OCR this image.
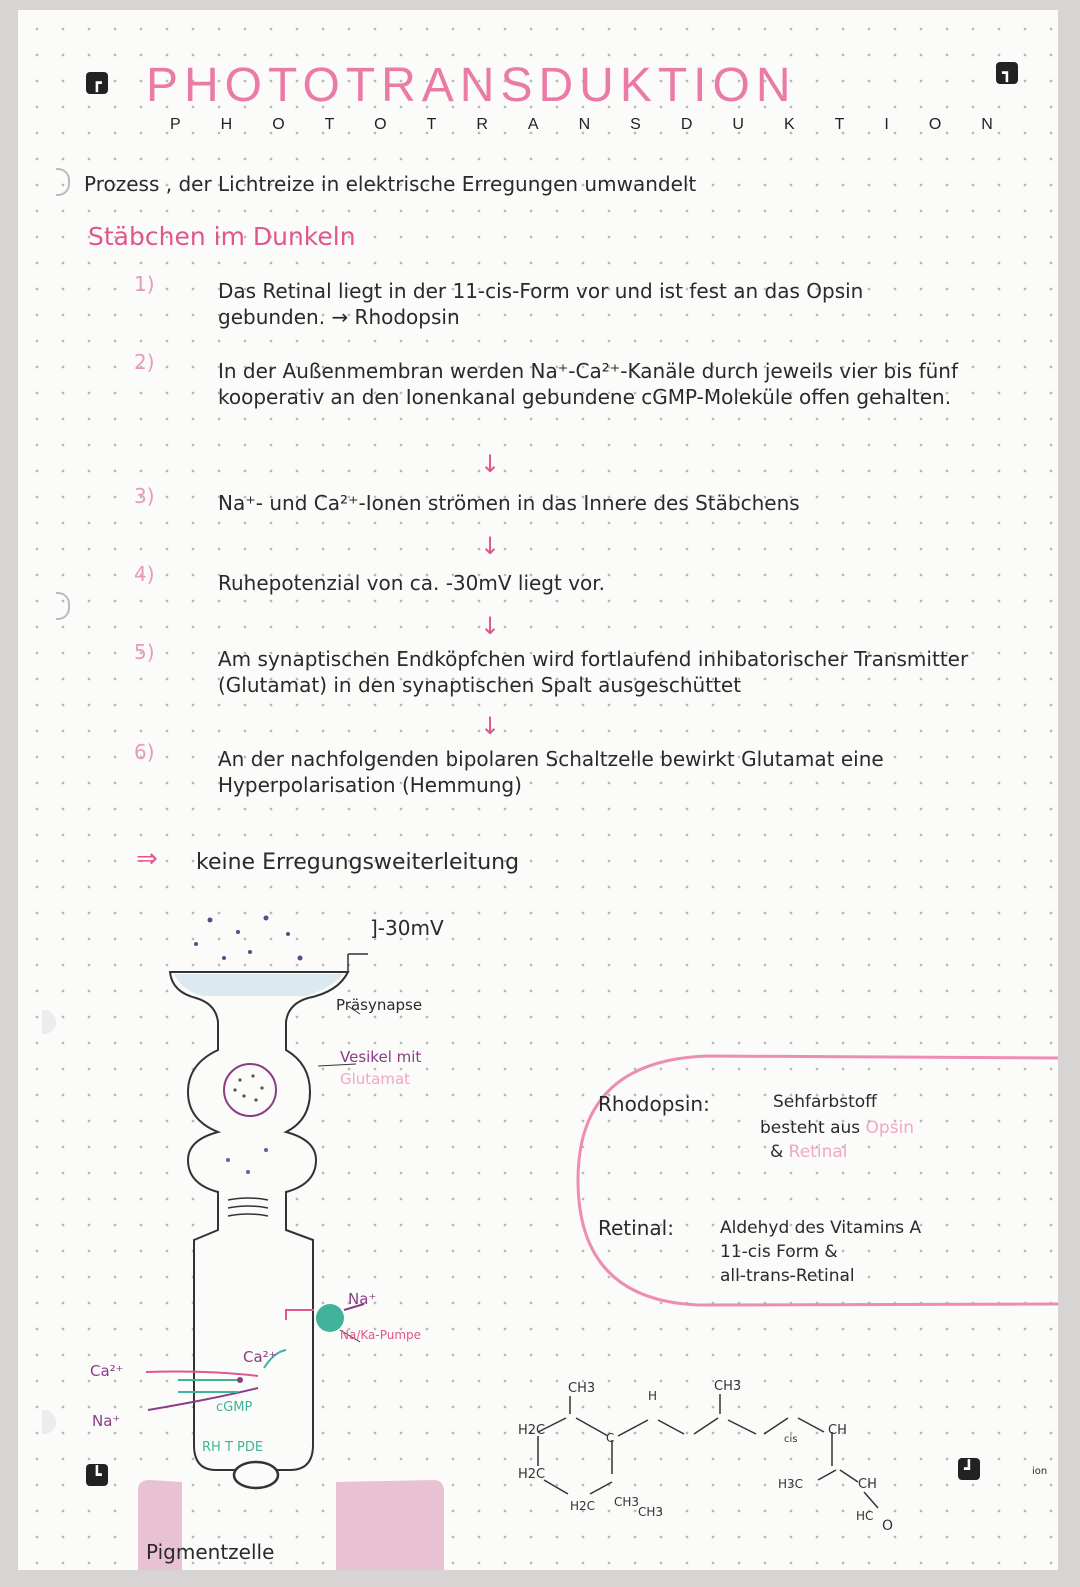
┏
┓
┗	┛
PHOTOTRANSDUKTION
PHOTOTRANSDUKTION
Prozess , der Lichtreize in elektrische Erregungen umwandelt
Stäbchen im Dunkeln
1)	Das Retinal liegt in der 11-cis-Form vor und ist fest an das Opsin gebunden. → Rhodopsin
2)	In der Außenmembran werden Na⁺-Ca²⁺-Kanäle durch jeweils vier bis fünf kooperativ an den Ionenkanal gebundene cGMP-Moleküle offen gehalten.
↓
3)	Na⁺- und Ca²⁺-Ionen strömen in das Innere des Stäbchens
↓
4)	Ruhepotenzial von ca. -30mV liegt vor.
↓
5)	Am synaptischen Endköpfchen wird fortlaufend inhibatorischer Transmitter (Glutamat) in den synaptischen Spalt ausgeschüttet
↓
6)	An der nachfolgenden bipolaren Schaltzelle bewirkt Glutamat eine Hyperpolarisation (Hemmung)
⇒ keine Erregungsweiterleitung
Rhodopsin:	Sehfarbstoff
besteht aus Opsin
& Retinal
Retinal:	Aldehyd des Vitamins A
11-cis Form &
all-trans-Retinal
]-30mV
Präsynapse
Vesikel mit
Glutamat
Na⁺
Na/Ka-Pumpe
Ca²⁺
cGMP
RH T PDE
Ca²⁺
Na⁺
Pigmentzelle
CH3	CH3
H2C
H2C
H2C CH3
CH3
H3C
CH
CH
HC
O
cis
C
H
ion
